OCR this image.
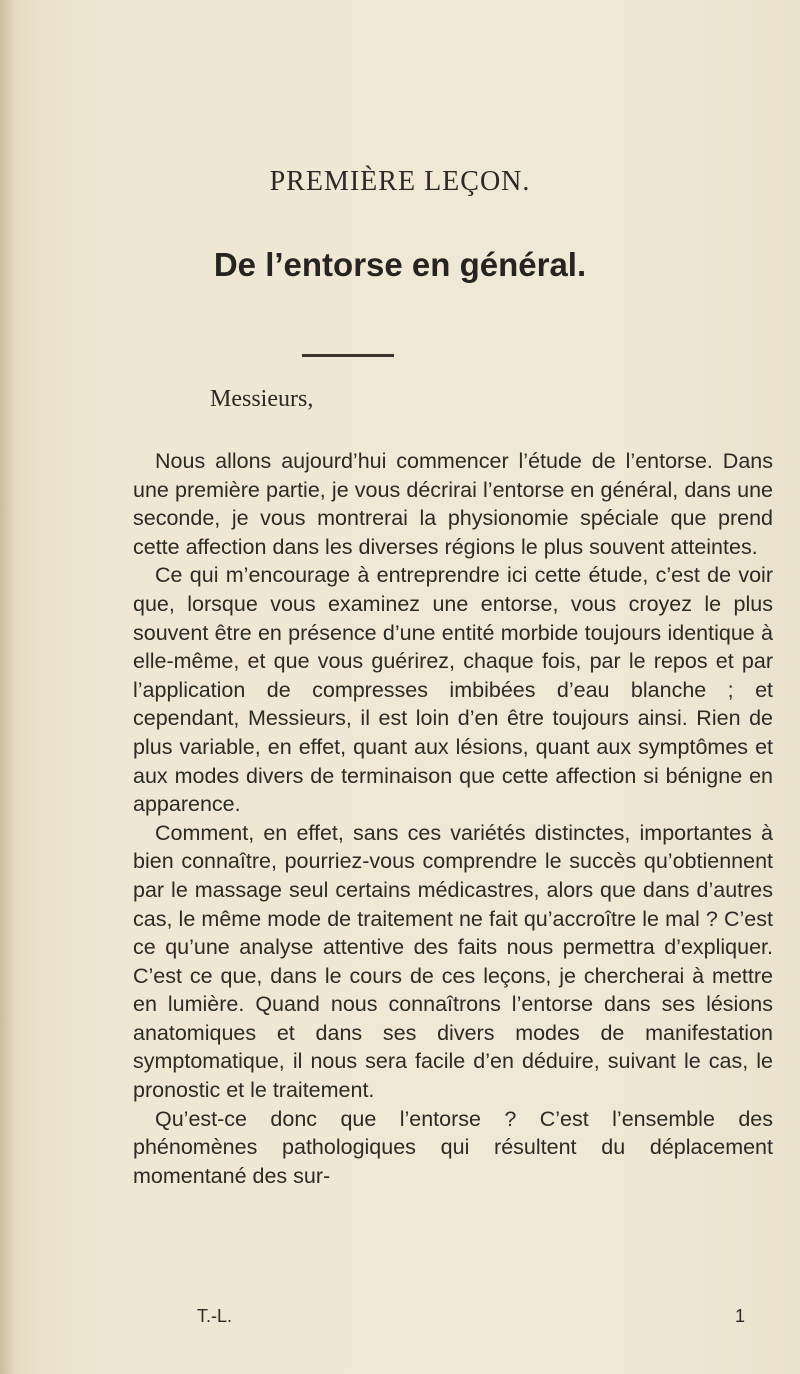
PREMIÈRE LEÇON.
De l’entorse en général.
Messieurs,

Nous allons aujourd’hui commencer l’étude de l’entorse. Dans une première partie, je vous décrirai l’entorse en général, dans une seconde, je vous montrerai la physionomie spéciale que prend cette affection dans les diverses régions le plus souvent atteintes.

Ce qui m’encourage à entreprendre ici cette étude, c’est de voir que, lorsque vous examinez une entorse, vous croyez le plus souvent être en présence d’une entité morbide toujours identique à elle-même, et que vous guérirez, chaque fois, par le repos et par l’application de compresses imbibées d’eau blanche ; et cependant, Messieurs, il est loin d’en être toujours ainsi. Rien de plus variable, en effet, quant aux lésions, quant aux symptômes et aux modes divers de terminaison que cette affection si bénigne en apparence.

Comment, en effet, sans ces variétés distinctes, importantes à bien connaître, pourriez-vous comprendre le succès qu’obtiennent par le massage seul certains médicastres, alors que dans d’autres cas, le même mode de traitement ne fait qu’accroître le mal ? C’est ce qu’une analyse attentive des faits nous permettra d’expliquer. C’est ce que, dans le cours de ces leçons, je chercherai à mettre en lumière. Quand nous connaîtrons l’entorse dans ses lésions anatomiques et dans ses divers modes de manifestation symptomatique, il nous sera facile d’en déduire, suivant le cas, le pronostic et le traitement.

Qu’est-ce donc que l’entorse ? C’est l’ensemble des phénomènes pathologiques qui résultent du déplacement momentané des sur-

T.-L.	1
